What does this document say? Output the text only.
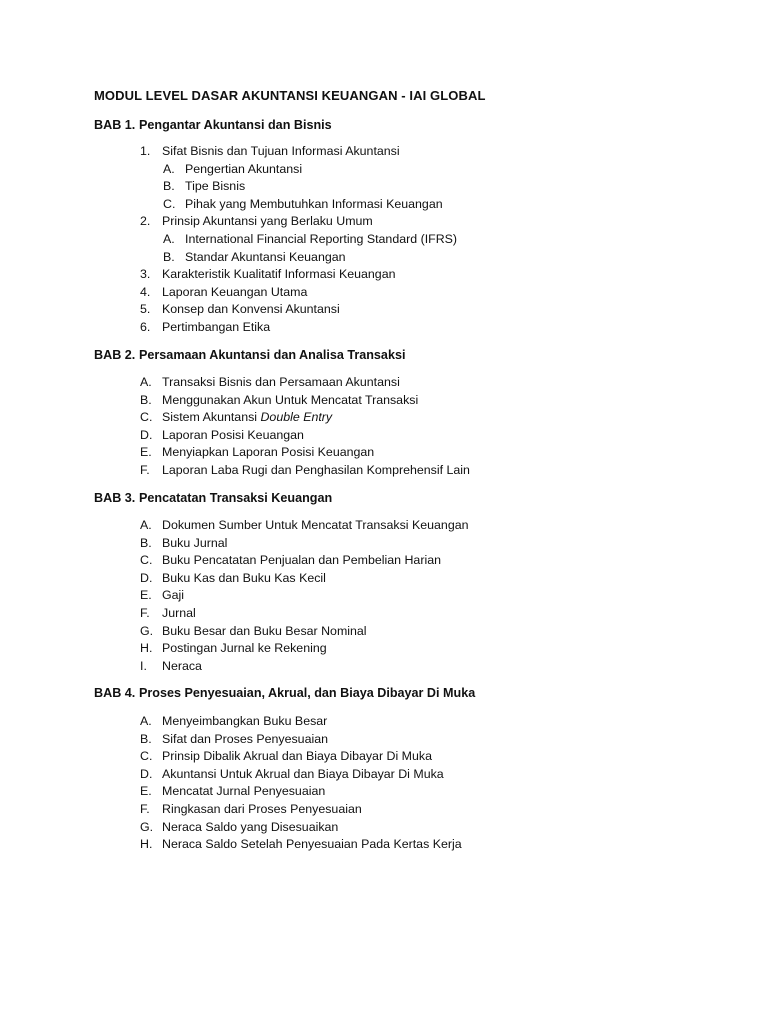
MODUL LEVEL DASAR AKUNTANSI KEUANGAN - IAI GLOBAL
BAB 1. Pengantar Akuntansi dan Bisnis
1. Sifat Bisnis dan Tujuan Informasi Akuntansi
A. Pengertian Akuntansi
B. Tipe Bisnis
C. Pihak yang Membutuhkan Informasi Keuangan
2. Prinsip Akuntansi yang Berlaku Umum
A. International Financial Reporting Standard (IFRS)
B. Standar Akuntansi Keuangan
3. Karakteristik Kualitatif Informasi Keuangan
4. Laporan Keuangan Utama
5. Konsep dan Konvensi Akuntansi
6. Pertimbangan Etika
BAB 2. Persamaan Akuntansi dan Analisa Transaksi
A. Transaksi Bisnis dan Persamaan Akuntansi
B. Menggunakan Akun Untuk Mencatat Transaksi
C. Sistem Akuntansi Double Entry
D. Laporan Posisi Keuangan
E. Menyiapkan Laporan Posisi Keuangan
F. Laporan Laba Rugi dan Penghasilan Komprehensif Lain
BAB 3. Pencatatan Transaksi Keuangan
A. Dokumen Sumber Untuk Mencatat Transaksi Keuangan
B. Buku Jurnal
C. Buku Pencatatan Penjualan dan Pembelian Harian
D. Buku Kas dan Buku Kas Kecil
E. Gaji
F. Jurnal
G. Buku Besar dan Buku Besar Nominal
H. Postingan Jurnal ke Rekening
I. Neraca
BAB 4. Proses Penyesuaian, Akrual, dan Biaya Dibayar Di Muka
A. Menyeimbangkan Buku Besar
B. Sifat dan Proses Penyesuaian
C. Prinsip Dibalik Akrual dan Biaya Dibayar Di Muka
D. Akuntansi Untuk Akrual dan Biaya Dibayar Di Muka
E. Mencatat Jurnal Penyesuaian
F. Ringkasan dari Proses Penyesuaian
G. Neraca Saldo yang Disesuaikan
H. Neraca Saldo Setelah Penyesuaian Pada Kertas Kerja
